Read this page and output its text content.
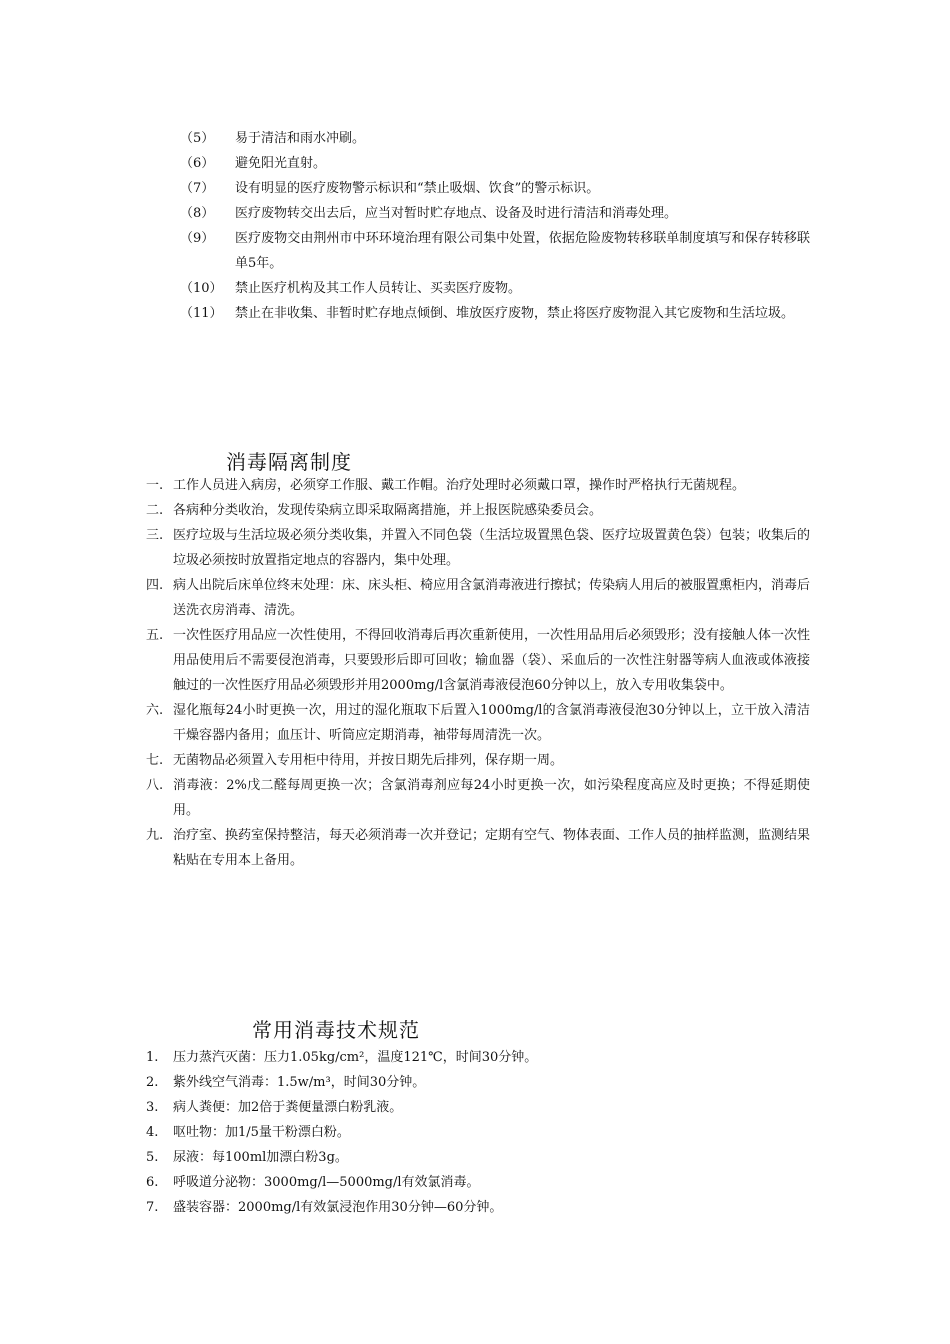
（5）	易于清洁和雨水冲刷。
（6）	避免阳光直射。
（7）	设有明显的医疗废物警示标识和“禁止吸烟、饮食”的警示标识。
（8）	医疗废物转交出去后，应当对暂时贮存地点、设备及时进行清洁和消毒处理。
（9）	医疗废物交由荆州市中环环境治理有限公司集中处置，依据危险废物转移联单制度填写和保存转移联单5年。
（10） 禁止医疗机构及其工作人员转让、买卖医疗废物。
（11） 禁止在非收集、非暂时贮存地点倾倒、堆放医疗废物，禁止将医疗废物混入其它废物和生活垃圾。
消毒隔离制度
一. 工作人员进入病房，必须穿工作服、戴工作帽。治疗处理时必须戴口罩，操作时严格执行无菌规程。
二. 各病种分类收治，发现传染病立即采取隔离措施，并上报医院感染委员会。
三. 医疗垃圾与生活垃圾必须分类收集，并置入不同色袋（生活垃圾置黑色袋、医疗垃圾置黄色袋）包装；收集后的垃圾必须按时放置指定地点的容器内，集中处理。
四. 病人出院后床单位终末处理：床、床头柜、椅应用含氯消毒液进行擦拭；传染病人用后的被服置熏柜内，消毒后送洗衣房消毒、清洗。
五. 一次性医疗用品应一次性使用，不得回收消毒后再次重新使用，一次性用品用后必须毁形；没有接触人体一次性用品使用后不需要侵泡消毒，只要毁形后即可回收；输血器（袋）、采血后的一次性注射器等病人血液或体液接触过的一次性医疗用品必须毁形并用2000mg/l含氯消毒液侵泡60分钟以上，放入专用收集袋中。
六. 湿化瓶每24小时更换一次，用过的湿化瓶取下后置入1000mg/l的含氯消毒液侵泡30分钟以上，立干放入清洁干燥容器内备用；血压计、听筒应定期消毒，袖带每周清洗一次。
七. 无菌物品必须置入专用柜中待用，并按日期先后排列，保存期一周。
八. 消毒液：2%戊二醛每周更换一次；含氯消毒剂应每24小时更换一次，如污染程度高应及时更换；不得延期使用。
九. 治疗室、换药室保持整洁，每天必须消毒一次并登记；定期有空气、物体表面、工作人员的抽样监测，监测结果粘贴在专用本上备用。
常用消毒技术规范
1.	压力蒸汽灭菌：压力1.05kg/cm²，温度121℃，时间30分钟。
2.	紫外线空气消毒：1.5w/m³，时间30分钟。
3.	病人粪便：加2倍于粪便量漂白粉乳液。
4.	呕吐物：加1/5量干粉漂白粉。
5.	尿液：每100ml加漂白粉3g。
6.	呼吸道分泌物：3000mg/l—5000mg/l有效氯消毒。
7.	盛装容器：2000mg/l有效氯浸泡作用30分钟—60分钟。
